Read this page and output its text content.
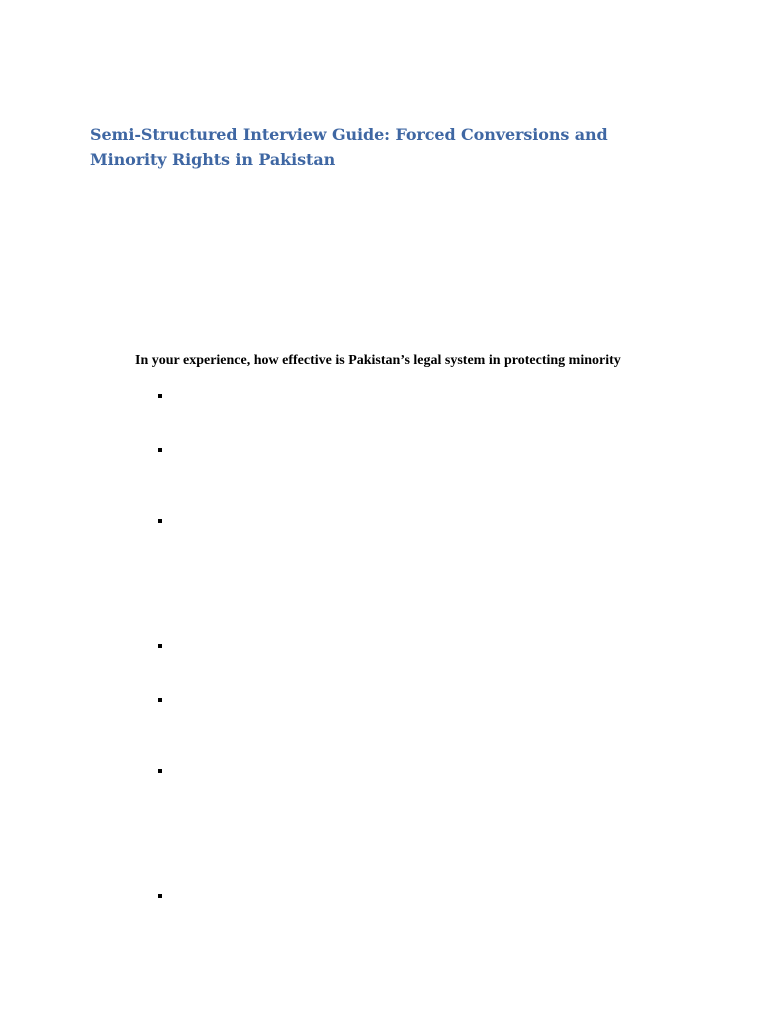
Semi-Structured Interview Guide: Forced Conversions and Minority Rights in Pakistan

In your experience, how effective is Pakistan’s legal system in protecting minority
